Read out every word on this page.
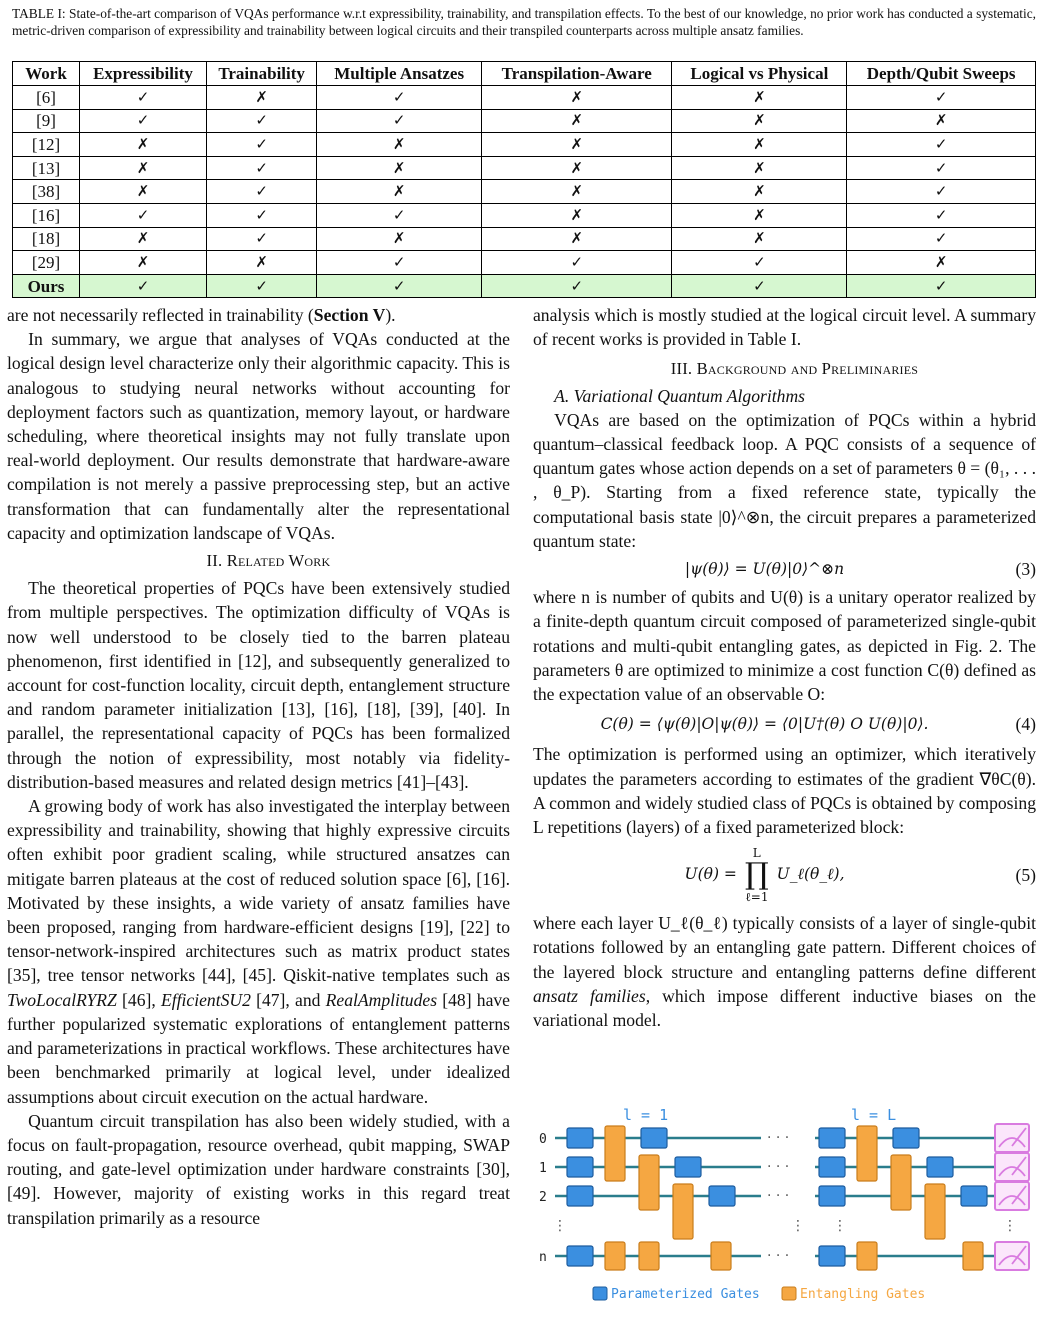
TABLE I: State-of-the-art comparison of VQAs performance w.r.t expressibility, trainability, and transpilation effects. To the best of our knowledge, no prior work has conducted a systematic, metric-driven comparison of expressibility and trainability between logical circuits and their transpiled counterparts across multiple ansatz families.
Work	Expressibility	Trainability	Multiple Ansatzes	Transpilation-Aware	Logical vs Physical	Depth/Qubit Sweeps
[6]	✓	✗	✓	✗	✗	✓
[9]	✓	✓	✓	✗	✗	✗
[12]	✗	✓	✗	✗	✗	✓
[13]	✗	✓	✗	✗	✗	✓
[38]	✗	✓	✗	✗	✗	✓
[16]	✓	✓	✓	✗	✗	✓
[18]	✗	✓	✗	✗	✗	✓
[29]	✗	✗	✓	✓	✓	✗
Ours	✓	✓	✓	✓	✓	✓

are not necessarily reflected in trainability (Section V).

In summary, we argue that analyses of VQAs conducted at the logical design level characterize only their algorithmic capacity. This is analogous to studying neural networks without accounting for deployment factors such as quantization, memory layout, or hardware scheduling, where theoretical insights may not fully translate upon real-world deployment. Our results demonstrate that hardware-aware compilation is not merely a passive preprocessing step, but an active transformation that can fundamentally alter the representational capacity and optimization landscape of VQAs.

II. Related Work

The theoretical properties of PQCs have been extensively studied from multiple perspectives. The optimization difficulty of VQAs is now well understood to be closely tied to the barren plateau phenomenon, first identified in [12], and subsequently generalized to account for cost-function locality, circuit depth, entanglement structure and random parameter initialization [13], [16], [18], [39], [40]. In parallel, the representational capacity of PQCs has been formalized through the notion of expressibility, most notably via fidelity-distribution-based measures and related design metrics [41]–[43].

A growing body of work has also investigated the interplay between expressibility and trainability, showing that highly expressive circuits often exhibit poor gradient scaling, while structured ansatzes can mitigate barren plateaus at the cost of reduced solution space [6], [16]. Motivated by these insights, a wide variety of ansatz families have been proposed, ranging from hardware-efficient designs [19], [22] to tensor-network-inspired architectures such as matrix product states [35], tree tensor networks [44], [45]. Qiskit-native templates such as TwoLocalRYRZ [46], EfficientSU2 [47], and RealAmplitudes [48] have further popularized systematic explorations of entanglement patterns and parameterizations in practical workflows. These architectures have been benchmarked primarily at logical level, under idealized assumptions about circuit execution on the actual hardware.

Quantum circuit transpilation has also been widely studied, with a focus on fault-propagation, resource overhead, qubit mapping, SWAP routing, and gate-level optimization under hardware constraints [30], [49]. However, majority of existing works in this regard treat transpilation primarily as a resource

analysis which is mostly studied at the logical circuit level. A summary of recent works is provided in Table I.

III. Background and Preliminaries

A. Variational Quantum Algorithms

VQAs are based on the optimization of PQCs within a hybrid quantum–classical feedback loop. A PQC consists of a sequence of quantum gates whose action depends on a set of parameters θ = (θ₁, . . . , θ_P). Starting from a fixed reference state, typically the computational basis state |0⟩^⊗n, the circuit prepares a parameterized quantum state:

|ψ(θ)⟩ = U(θ)|0⟩^⊗n	(3)

where n is number of qubits and U(θ) is a unitary operator realized by a finite-depth quantum circuit composed of parameterized single-qubit rotations and multi-qubit entangling gates, as depicted in Fig. 2. The parameters θ are optimized to minimize a cost function C(θ) defined as the expectation value of an observable O:

C(θ) = ⟨ψ(θ)|O|ψ(θ)⟩ = ⟨0|U†(θ) O U(θ)|0⟩.	(4)

The optimization is performed using an optimizer, which iteratively updates the parameters according to estimates of the gradient ∇θC(θ). A common and widely studied class of PQCs is obtained by composing L repetitions (layers) of a fixed parameterized block:

U(θ) =
L
∏
ℓ=1
U_ℓ(θ_ℓ),	(5)

where each layer U_ℓ(θ_ℓ) typically consists of a layer of single-qubit rotations followed by an entangling gate pattern. Different choices of the layered block structure and entangling patterns define different ansatz families, which impose different inductive biases on the variational model.

l = 1	l = L
0	· · ·
1	· · ·
2	· · ·
n	· · ·
⋮	⋮ ⋮	⋮
Parameterized Gates	Entangling Gates
